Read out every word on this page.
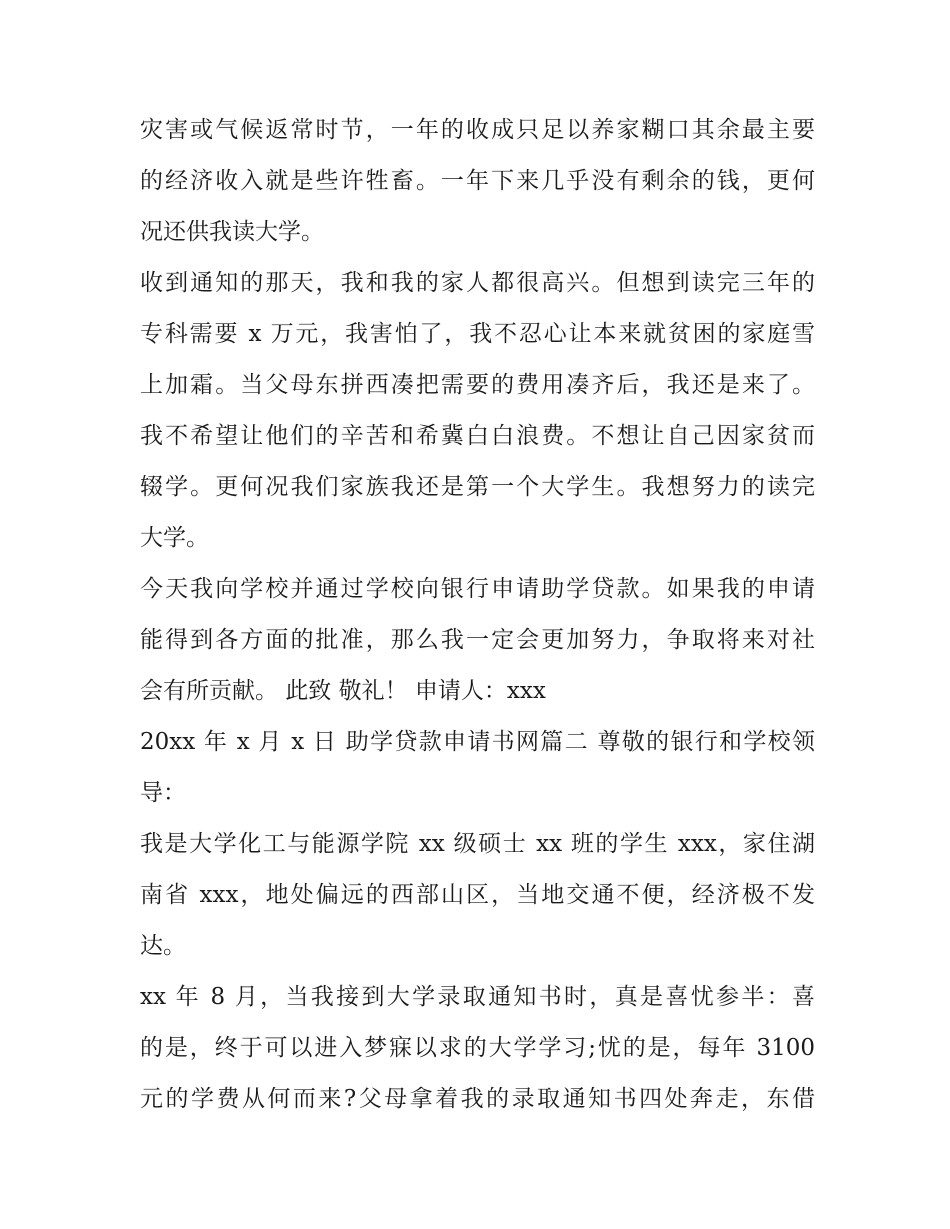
灾害或气候返常时节，一年的收成只足以养家糊口其余最主要
的经济收入就是些许牲畜。一年下来几乎没有剩余的钱，更何
况还供我读大学。
收到通知的那天，我和我的家人都很高兴。但想到读完三年的
专科需要 x 万元，我害怕了，我不忍心让本来就贫困的家庭雪
上加霜。当父母东拼西凑把需要的费用凑齐后，我还是来了。
我不希望让他们的辛苦和希冀白白浪费。不想让自己因家贫而
辍学。更何况我们家族我还是第一个大学生。我想努力的读完
大学。
今天我向学校并通过学校向银行申请助学贷款。如果我的申请
能得到各方面的批准，那么我一定会更加努力，争取将来对社
会有所贡献。 此致 敬礼！ 申请人：xxx
20xx 年 x 月 x 日 助学贷款申请书网篇二 尊敬的银行和学校领
导：
我是大学化工与能源学院 xx 级硕士 xx 班的学生 xxx，家住湖
南省 xxx，地处偏远的西部山区，当地交通不便，经济极不发
达。
xx 年 8 月，当我接到大学录取通知书时，真是喜忧参半：喜
的是，终于可以进入梦寐以求的大学学习;忧的是，每年 3100
元的学费从何而来?父母拿着我的录取通知书四处奔走，东借
